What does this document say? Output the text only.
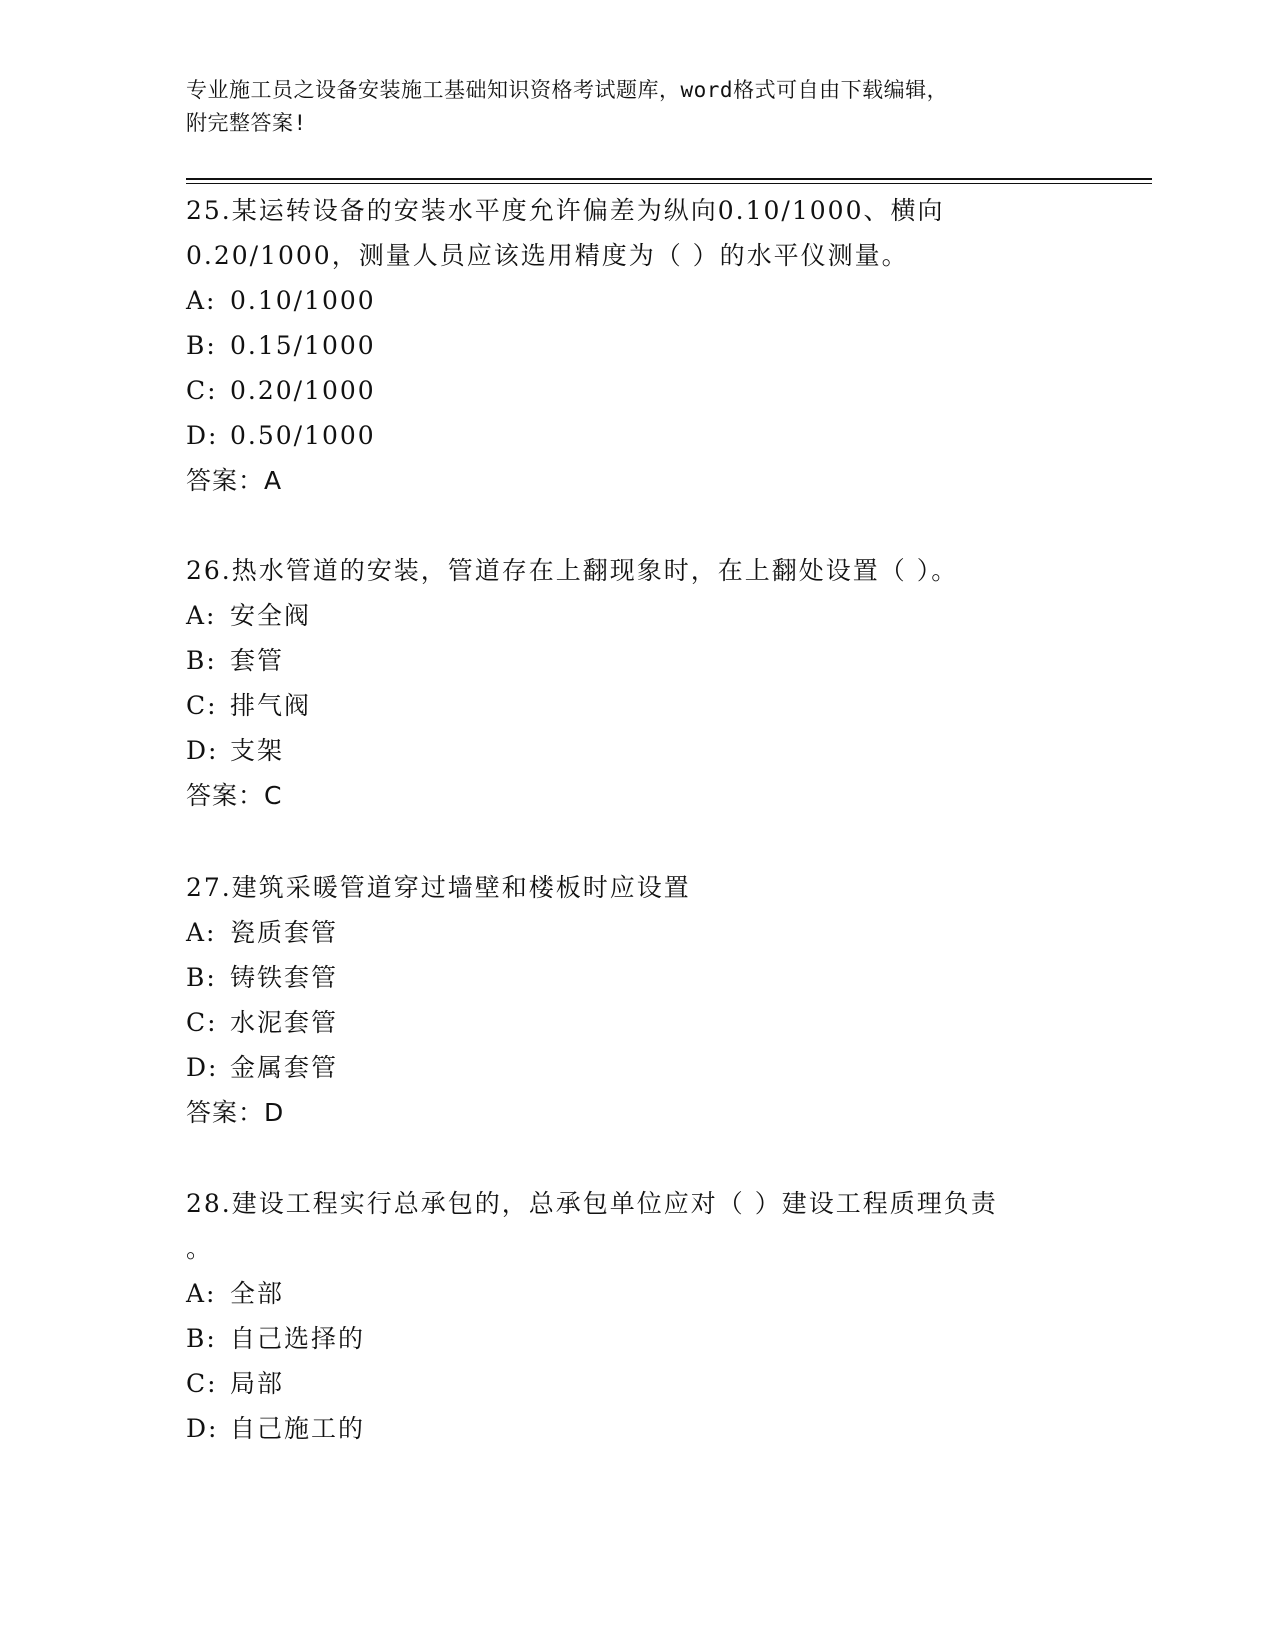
专业施工员之设备安装施工基础知识资格考试题库，word格式可自由下载编辑，
附完整答案!
25.某运转设备的安装水平度允许偏差为纵向0.10/1000、横向
0.20/1000，测量人员应该选用精度为（ ）的水平仪测量。
A: 0.10/1000
B: 0.15/1000
C: 0.20/1000
D: 0.50/1000
答案：A
26.热水管道的安装，管道存在上翻现象时，在上翻处设置（ ）。
A: 安全阀
B: 套管
C: 排气阀
D: 支架
答案：C
27.建筑采暖管道穿过墙壁和楼板时应设置
A: 瓷质套管
B: 铸铁套管
C: 水泥套管
D: 金属套管
答案：D
28.建设工程实行总承包的，总承包单位应对（ ）建设工程质理负责
。
A: 全部
B: 自己选择的
C: 局部
D: 自己施工的
